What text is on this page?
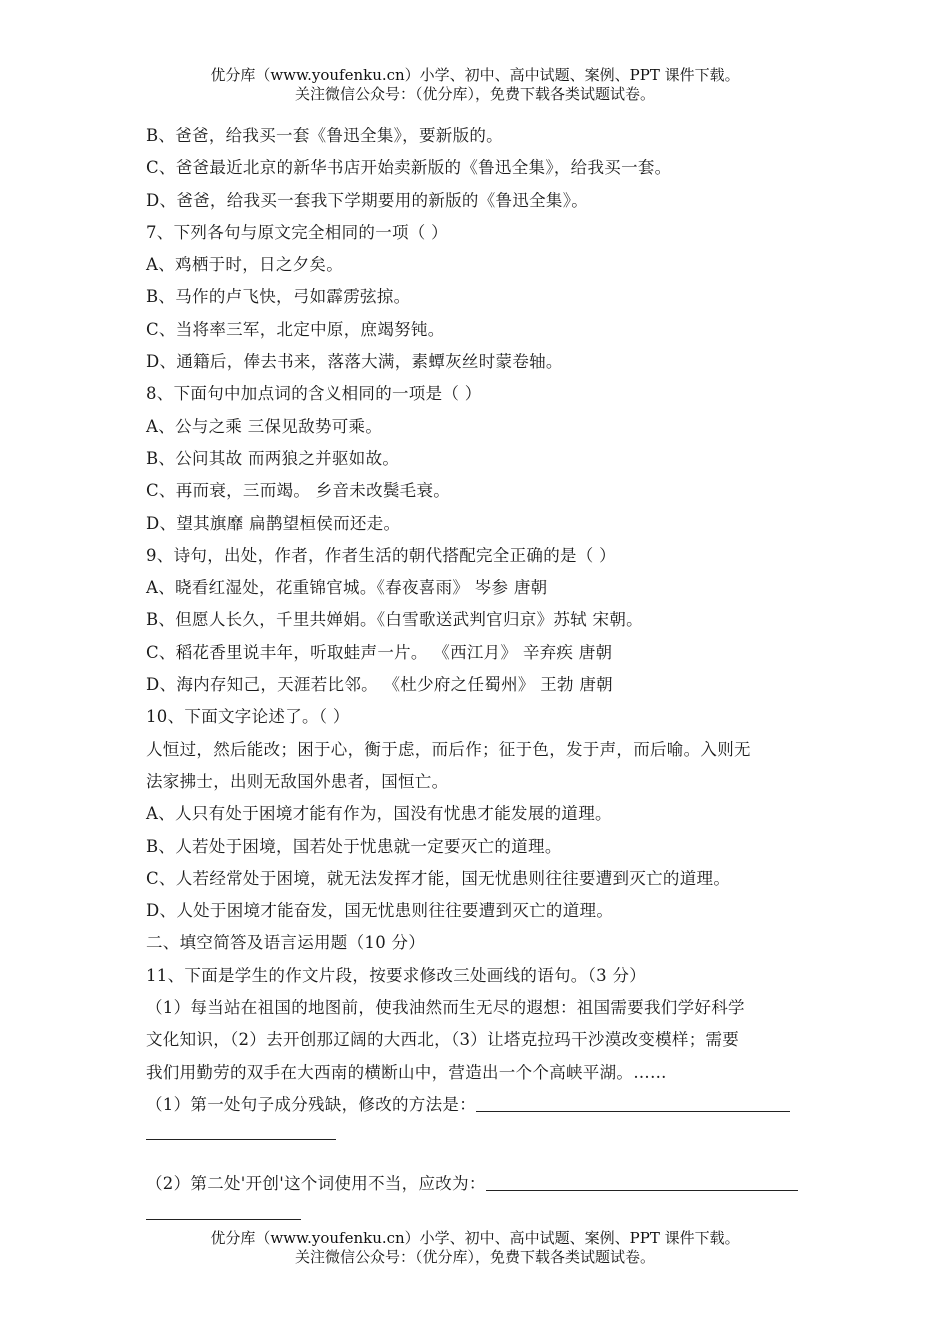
优分库（www.youfenku.cn）小学、初中、高中试题、案例、PPT 课件下载。
关注微信公众号：（优分库），免费下载各类试题试卷。
B、爸爸，给我买一套《鲁迅全集》，要新版的。
C、爸爸最近北京的新华书店开始卖新版的《鲁迅全集》，给我买一套。
D、爸爸，给我买一套我下学期要用的新版的《鲁迅全集》。
7、下列各句与原文完全相同的一项（ ）
A、鸡栖于时，日之夕矣。
B、马作的卢飞快，弓如霹雳弦掠。
C、当将率三军，北定中原，庶竭努钝。
D、通籍后，俸去书来，落落大满，素蟫灰丝时蒙卷轴。
8、下面句中加点词的含义相同的一项是（ ）
A、公与之乘 三保见敌势可乘。
B、公问其故 而两狼之并驱如故。
C、再而衰，三而竭。 乡音未改鬓毛衰。
D、望其旗靡 扁鹊望桓侯而还走。
9、诗句，出处，作者，作者生活的朝代搭配完全正确的是（ ）
A、晓看红湿处，花重锦官城。《春夜喜雨》 岑参 唐朝
B、但愿人长久，千里共婵娟。《白雪歌送武判官归京》苏轼 宋朝。
C、稻花香里说丰年，听取蛙声一片。 《西江月》 辛弃疾 唐朝
D、海内存知己，天涯若比邻。 《杜少府之任蜀州》 王勃 唐朝
10、下面文字论述了。（ ）
人恒过，然后能改；困于心，衡于虑，而后作；征于色，发于声，而后喻。入则无
法家拂士，出则无敌国外患者，国恒亡。
A、人只有处于困境才能有作为，国没有忧患才能发展的道理。
B、人若处于困境，国若处于忧患就一定要灭亡的道理。
C、人若经常处于困境，就无法发挥才能，国无忧患则往往要遭到灭亡的道理。
D、人处于困境才能奋发，国无忧患则往往要遭到灭亡的道理。
二、填空简答及语言运用题（10 分）
11、下面是学生的作文片段，按要求修改三处画线的语句。（3 分）
（1）每当站在祖国的地图前，使我油然而生无尽的遐想：祖国需要我们学好科学
文化知识，（2）去开创那辽阔的大西北，（3）让塔克拉玛干沙漠改变模样；需要
我们用勤劳的双手在大西南的横断山中，营造出一个个高峡平湖。……
（1）第一处句子成分残缺，修改的方法是：
（2）第二处'开创'这个词使用不当，应改为：
优分库（www.youfenku.cn）小学、初中、高中试题、案例、PPT 课件下载。
关注微信公众号：（优分库），免费下载各类试题试卷。
